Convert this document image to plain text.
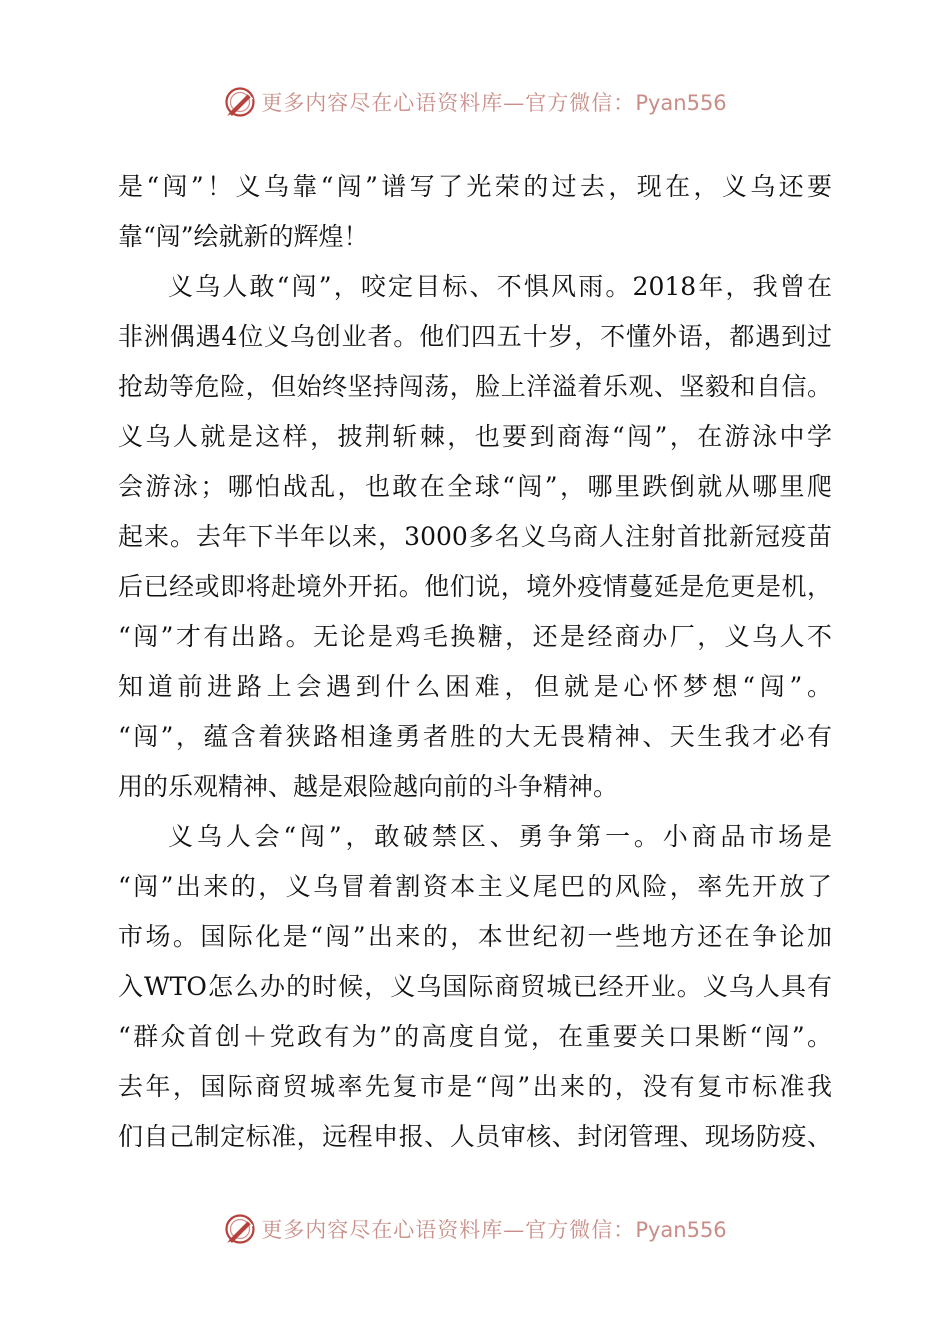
更多内容尽在心语资料库—官方微信：Pyan556
是“闯”！义乌靠“闯”谱写了光荣的过去，现在，义乌还要
靠“闯”绘就新的辉煌！
义乌人敢“闯”，咬定目标、不惧风雨。2018年，我曾在
非洲偶遇4位义乌创业者。他们四五十岁，不懂外语，都遇到过
抢劫等危险，但始终坚持闯荡，脸上洋溢着乐观、坚毅和自信。
义乌人就是这样，披荆斩棘，也要到商海“闯”，在游泳中学
会游泳；哪怕战乱，也敢在全球“闯”，哪里跌倒就从哪里爬
起来。去年下半年以来，3000多名义乌商人注射首批新冠疫苗
后已经或即将赴境外开拓。他们说，境外疫情蔓延是危更是机，
“闯”才有出路。无论是鸡毛换糖，还是经商办厂，义乌人不
知道前进路上会遇到什么困难，但就是心怀梦想“闯”。
“闯”，蕴含着狭路相逢勇者胜的大无畏精神、天生我才必有
用的乐观精神、越是艰险越向前的斗争精神。
义乌人会“闯”，敢破禁区、勇争第一。小商品市场是
“闯”出来的，义乌冒着割资本主义尾巴的风险，率先开放了
市场。国际化是“闯”出来的，本世纪初一些地方还在争论加
入WTO怎么办的时候，义乌国际商贸城已经开业。义乌人具有
“群众首创＋党政有为”的高度自觉，在重要关口果断“闯”。
去年，国际商贸城率先复市是“闯”出来的，没有复市标准我
们自己制定标准，远程申报、人员审核、封闭管理、现场防疫、
更多内容尽在心语资料库—官方微信：Pyan556
